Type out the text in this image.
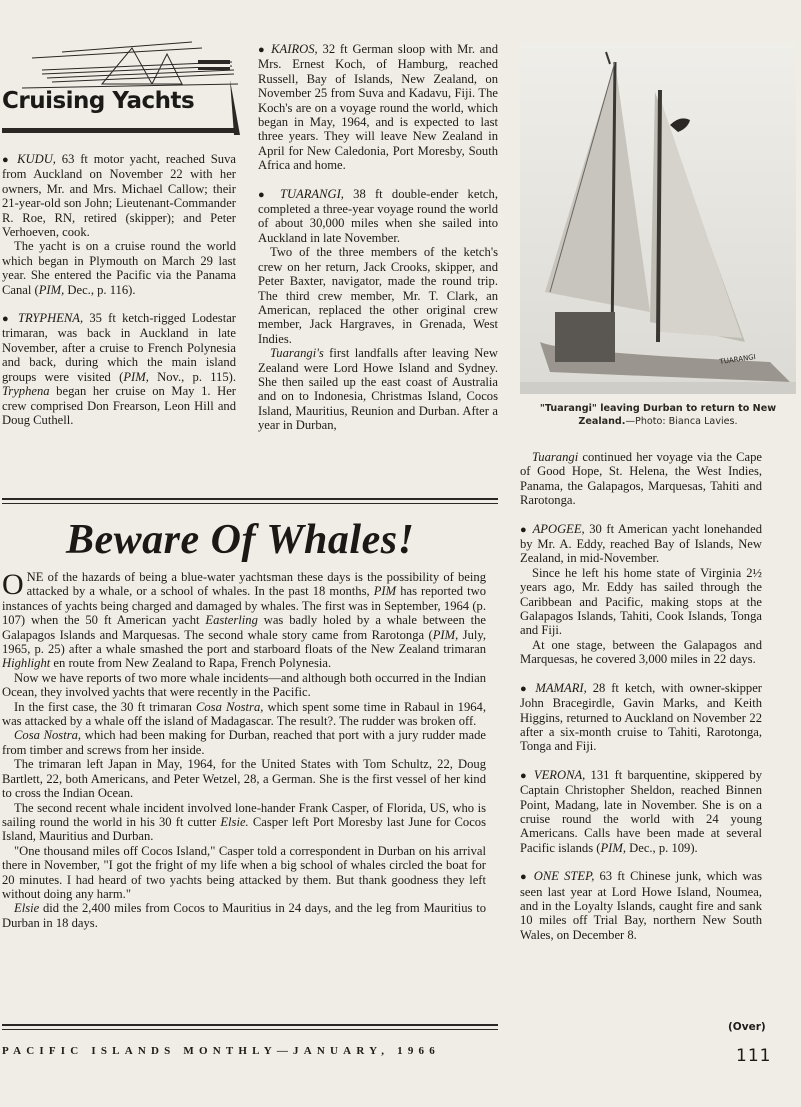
Cruising Yachts

● KUDU, 63 ft motor yacht, reached Suva from Auckland on November 22 with her owners, Mr. and Mrs. Michael Callow; their 21-year-old son John; Lieutenant-Commander R. Roe, RN, retired (skipper); and Peter Verhoeven, cook.

The yacht is on a cruise round the world which began in Plymouth on March 29 last year. She entered the Pacific via the Panama Canal (PIM, Dec., p. 116).

● TRYPHENA, 35 ft ketch-rigged Lodestar trimaran, was back in Auckland in late November, after a cruise to French Polynesia and back, during which the main island groups were visited (PIM, Nov., p. 115). Tryphena began her cruise on May 1. Her crew comprised Don Frearson, Leon Hill and Doug Cuthell.

● KAIROS, 32 ft German sloop with Mr. and Mrs. Ernest Koch, of Hamburg, reached Russell, Bay of Islands, New Zealand, on November 25 from Suva and Kadavu, Fiji. The Koch's are on a voyage round the world, which began in May, 1964, and is expected to last three years. They will leave New Zealand in April for New Caledonia, Port Moresby, South Africa and home.

● TUARANGI, 38 ft double-ender ketch, completed a three-year voyage round the world of about 30,000 miles when she sailed into Auckland in late November.

Two of the three members of the ketch's crew on her return, Jack Crooks, skipper, and Peter Baxter, navigator, made the round trip. The third crew member, Mr. T. Clark, an American, replaced the other original crew member, Jack Hargraves, in Grenada, West Indies.

Tuarangi's first landfalls after leaving New Zealand were Lord Howe Island and Sydney. She then sailed up the east coast of Australia and on to Indonesia, Christmas Island, Cocos Island, Mauritius, Reunion and Durban. After a year in Durban,

TUARANGI
"Tuarangi" leaving Durban to return to New Zealand.—Photo: Bianca Lavies.

Tuarangi continued her voyage via the Cape of Good Hope, St. Helena, the West Indies, Panama, the Galapagos, Marquesas, Tahiti and Rarotonga.

● APOGEE, 30 ft American yacht lonehanded by Mr. A. Eddy, reached Bay of Islands, New Zealand, in mid-November.

Since he left his home state of Virginia 2½ years ago, Mr. Eddy has sailed through the Caribbean and Pacific, making stops at the Galapagos Islands, Tahiti, Cook Islands, Tonga and Fiji.

At one stage, between the Galapagos and Marquesas, he covered 3,000 miles in 22 days.

● MAMARI, 28 ft ketch, with owner-skipper John Bracegirdle, Gavin Marks, and Keith Higgins, returned to Auckland on November 22 after a six-month cruise to Tahiti, Rarotonga, Tonga and Fiji.

● VERONA, 131 ft barquentine, skippered by Captain Christopher Sheldon, reached Binnen Point, Madang, late in November. She is on a cruise round the world with 24 young Americans. Calls have been made at several Pacific islands (PIM, Dec., p. 109).

● ONE STEP, 63 ft Chinese junk, which was seen last year at Lord Howe Island, Noumea, and in the Loyalty Islands, caught fire and sank 10 miles off Trial Bay, northern New South Wales, on December 8.

(Over)
Beware Of Whales!

ONE of the hazards of being a blue-water yachtsman these days is the possibility of being attacked by a whale, or a school of whales. In the past 18 months, PIM has reported two instances of yachts being charged and damaged by whales. The first was in September, 1964 (p. 107) when the 50 ft American yacht Easterling was badly holed by a whale between the Galapagos Islands and Marquesas. The second whale story came from Rarotonga (PIM, July, 1965, p. 25) after a whale smashed the port and starboard floats of the New Zealand trimaran Highlight en route from New Zealand to Rapa, French Polynesia.

Now we have reports of two more whale incidents—and although both occurred in the Indian Ocean, they involved yachts that were recently in the Pacific.

In the first case, the 30 ft trimaran Cosa Nostra, which spent some time in Rabaul in 1964, was attacked by a whale off the island of Madagascar. The result?. The rudder was broken off.

Cosa Nostra, which had been making for Durban, reached that port with a jury rudder made from timber and screws from her inside.

The trimaran left Japan in May, 1964, for the United States with Tom Schultz, 22, Doug Bartlett, 22, both Americans, and Peter Wetzel, 28, a German. She is the first vessel of her kind to cross the Indian Ocean.

The second recent whale incident involved lone-hander Frank Casper, of Florida, US, who is sailing round the world in his 30 ft cutter Elsie. Casper left Port Moresby last June for Cocos Island, Mauritius and Durban.

"One thousand miles off Cocos Island," Casper told a correspondent in Durban on his arrival there in November, "I got the fright of my life when a big school of whales circled the boat for 20 minutes. I had heard of two yachts being attacked by them. But thank goodness they left without doing any harm."

Elsie did the 2,400 miles from Cocos to Mauritius in 24 days, and the leg from Mauritius to Durban in 18 days.

PACIFIC ISLANDS MONTHLY—JANUARY, 1966	111
